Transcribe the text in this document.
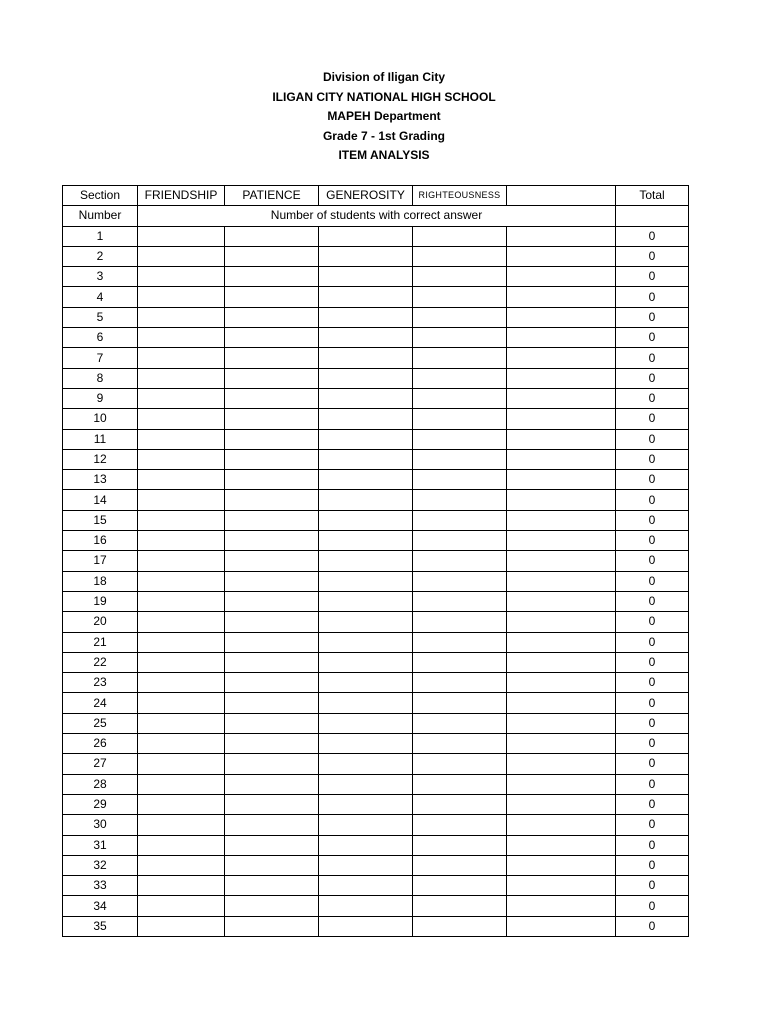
Division of Iligan City
ILIGAN CITY NATIONAL HIGH SCHOOL
MAPEH Department
Grade 7 - 1st Grading
ITEM ANALYSIS
Section	FRIENDSHIP	PATIENCE	GENEROSITY	RIGHTEOUSNESS		Total
Number	Number of students with correct answer					
1						0
2						0
3						0
4						0
5						0
6						0
7						0
8						0
9						0
10						0
11						0
12						0
13						0
14						0
15						0
16						0
17						0
18						0
19						0
20						0
21						0
22						0
23						0
24						0
25						0
26						0
27						0
28						0
29						0
30						0
31						0
32						0
33						0
34						0
35						0
